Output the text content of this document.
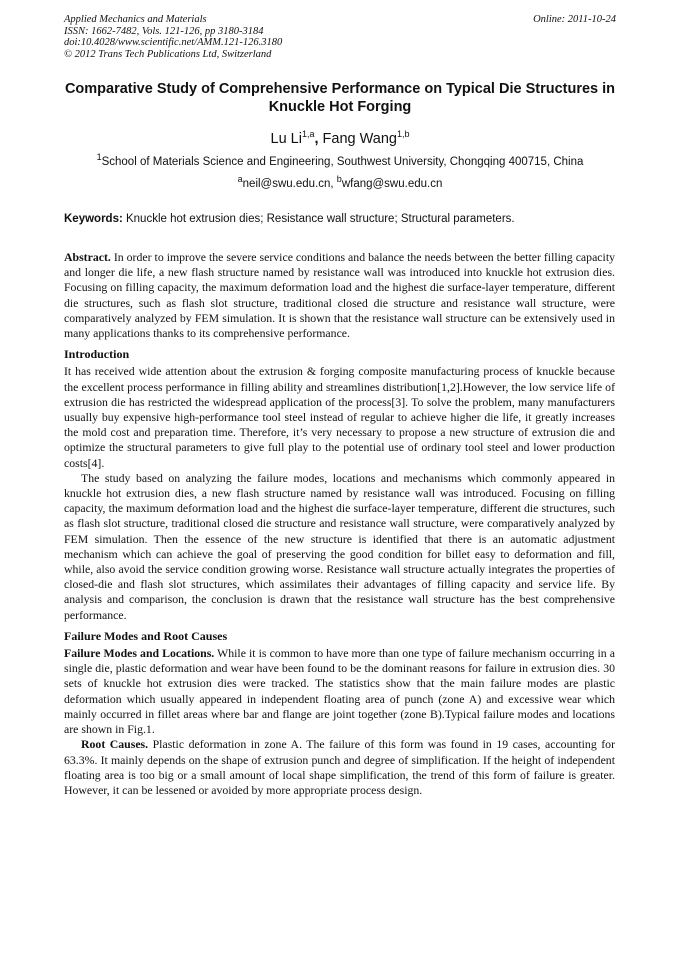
Applied Mechanics and Materials	Online: 2011-10-24
ISSN: 1662-7482, Vols. 121-126, pp 3180-3184
doi:10.4028/www.scientific.net/AMM.121-126.3180
© 2012 Trans Tech Publications Ltd, Switzerland
Comparative Study of Comprehensive Performance on Typical Die Structures in Knuckle Hot Forging
Lu Li$^{1,a}$, Fang Wang$^{1,b}$
$^1$School of Materials Science and Engineering, Southwest University, Chongqing 400715, China
$^a$neil@swu.edu.cn, $^b$wfang@swu.edu.cn
Keywords: Knuckle hot extrusion dies; Resistance wall structure; Structural parameters.

Abstract. In order to improve the severe service conditions and balance the needs between the better filling capacity and longer die life, a new flash structure named by resistance wall was introduced into knuckle hot extrusion dies. Focusing on filling capacity, the maximum deformation load and the highest die surface-layer temperature, different die structures, such as flash slot structure, traditional closed die structure and resistance wall structure, were comparatively analyzed by FEM simulation. It is shown that the resistance wall structure can be extensively used in many applications thanks to its comprehensive performance.

Introduction

It has received wide attention about the extrusion & forging composite manufacturing process of knuckle because the excellent process performance in filling ability and streamlines distribution[1,2].However, the low service life of extrusion die has restricted the widespread application of the process[3]. To solve the problem, many manufacturers usually buy expensive high-performance tool steel instead of regular to achieve higher die life, it greatly increases the mold cost and preparation time. Therefore, it’s very necessary to propose a new structure of extrusion die and optimize the structural parameters to give full play to the potential use of ordinary tool steel and lower production costs[4].

The study based on analyzing the failure modes, locations and mechanisms which commonly appeared in knuckle hot extrusion dies, a new flash structure named by resistance wall was introduced. Focusing on filling capacity, the maximum deformation load and the highest die surface-layer temperature, different die structures, such as flash slot structure, traditional closed die structure and resistance wall structure, were comparatively analyzed by FEM simulation. Then the essence of the new structure is identified that there is an automatic adjustment mechanism which can achieve the goal of preserving the good condition for billet easy to deformation and fill, while, also avoid the service condition growing worse. Resistance wall structure actually integrates the properties of closed-die and flash slot structures, which assimilates their advantages of filling capacity and service life. By analysis and comparison, the conclusion is drawn that the resistance wall structure has the best comprehensive performance.

Failure Modes and Root Causes

Failure Modes and Locations. While it is common to have more than one type of failure mechanism occurring in a single die, plastic deformation and wear have been found to be the dominant reasons for failure in extrusion dies. 30 sets of knuckle hot extrusion dies were tracked. The statistics show that the main failure modes are plastic deformation which usually appeared in independent floating area of punch (zone A) and excessive wear which mainly occurred in fillet areas where bar and flange are joint together (zone B).Typical failure modes and locations are shown in Fig.1.

Root Causes. Plastic deformation in zone A. The failure of this form was found in 19 cases, accounting for 63.3%. It mainly depends on the shape of extrusion punch and degree of simplification. If the height of independent floating area is too big or a small amount of local shape simplification, the trend of this form of failure is greater. However, it can be lessened or avoided by more appropriate process design.
